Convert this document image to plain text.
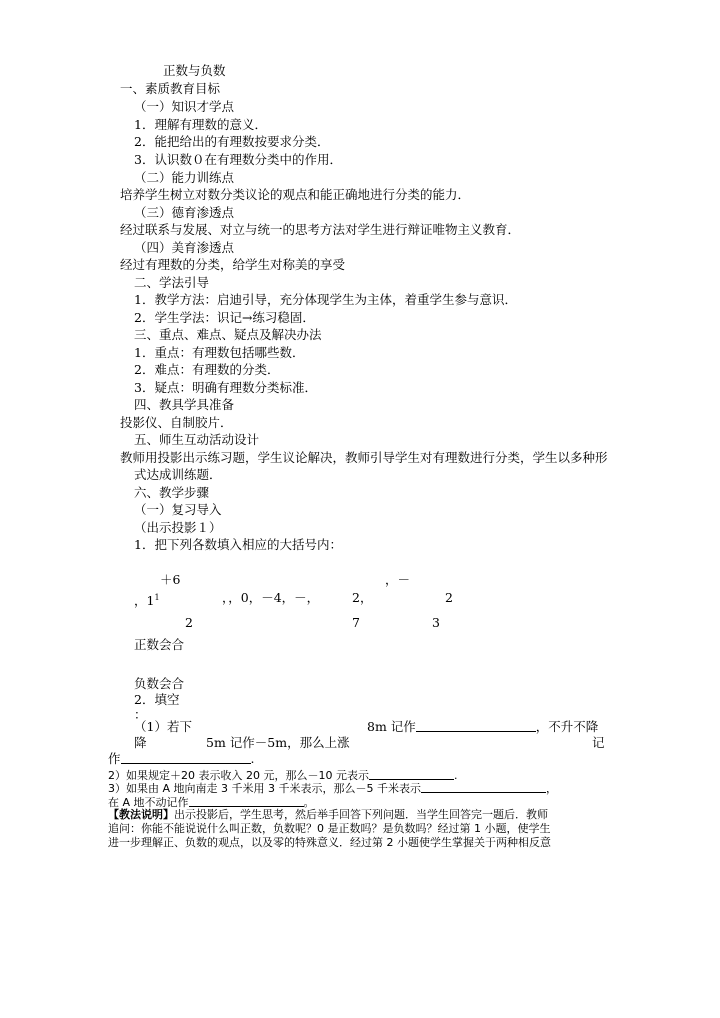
正数与负数
一、素质教育目标
（一）知识才学点
1．理解有理数的意义．
2．能把给出的有理数按要求分类．
3．认识数０在有理数分类中的作用．
（二）能力训练点
培养学生树立对数分类议论的观点和能正确地进行分类的能力．
（三）德育渗透点
经过联系与发展、对立与统一的思考方法对学生进行辩证唯物主义教育．
（四）美育渗透点
经过有理数的分类，给学生对称美的享受
二、学法引导
1．教学方法：启迪引导，充分体现学生为主体，着重学生参与意识．
2．学生学法：识记→练习稳固．
三、重点、难点、疑点及解决办法
1．重点：有理数包括哪些数．
2．难点：有理数的分类．
3．疑点：明确有理数分类标准．
四、教具学具准备
投影仪、自制胶片．
五、师生互动活动设计
教师用投影出示练习题，学生议论解决，教师引导学生对有理数进行分类，学生以多种形
式达成训练题．
六、教学步骤
（一）复习导入
（出示投影１）
1．把下列各数填入相应的大括号内：
＋6	，－
，$1^1$	，，0，－4，－，	2，	2
2	7	3
正数会合
负数会合
2．填空
：
（1）若下	8m 记作	，不升不降
降	5m 记作－5m，那么上涨	记
作	.
2）如果规定＋20 表示收入 20 元，那么－10 元表示	.
3）如果由 A 地向南走 3 千米用 3 千米表示，那么－5 千米表示	，
在 A 地不动记作	。
【教法说明】出示投影后，学生思考，然后举手回答下列问题．当学生回答完一题后．教师
追问：你能不能说说什么叫正数，负数呢？0 是正数吗？是负数吗？经过第 1 小题，使学生
进一步理解正、负数的观点，以及零的特殊意义．经过第 2 小题使学生掌握关于两种相反意
